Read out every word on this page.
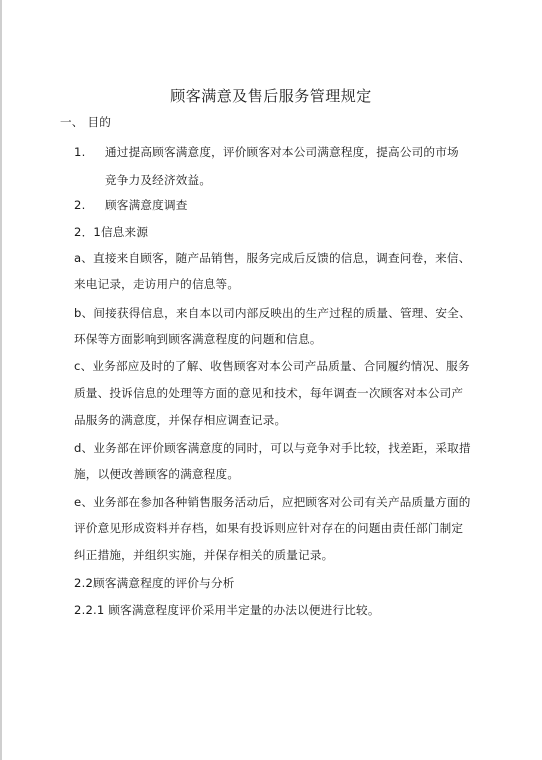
顾客满意及售后服务管理规定
一、 目的
1. 通过提高顾客满意度，评价顾客对本公司满意程度，提高公司的市场
竞争力及经济效益。
2. 顾客满意度调查
2．1信息来源
a、直接来自顾客，随产品销售，服务完成后反馈的信息，调查问卷，来信、
来电记录，走访用户的信息等。
b、间接获得信息，来自本以司内部反映出的生产过程的质量、管理、安全、
环保等方面影响到顾客满意程度的问题和信息。
c、业务部应及时的了解、收售顾客对本公司产品质量、合同履约情况、服务
质量、投诉信息的处理等方面的意见和技术，每年调查一次顾客对本公司产
品服务的满意度，并保存相应调查记录。
d、业务部在评价顾客满意度的同时，可以与竞争对手比较，找差距，采取措
施，以便改善顾客的满意程度。
e、业务部在参加各种销售服务活动后，应把顾客对公司有关产品质量方面的
评价意见形成资料并存档，如果有投诉则应针对存在的问题由责任部门制定
纠正措施，并组织实施，并保存相关的质量记录。
2.2顾客满意程度的评价与分析
2.2.1 顾客满意程度评价采用半定量的办法以便进行比较。
